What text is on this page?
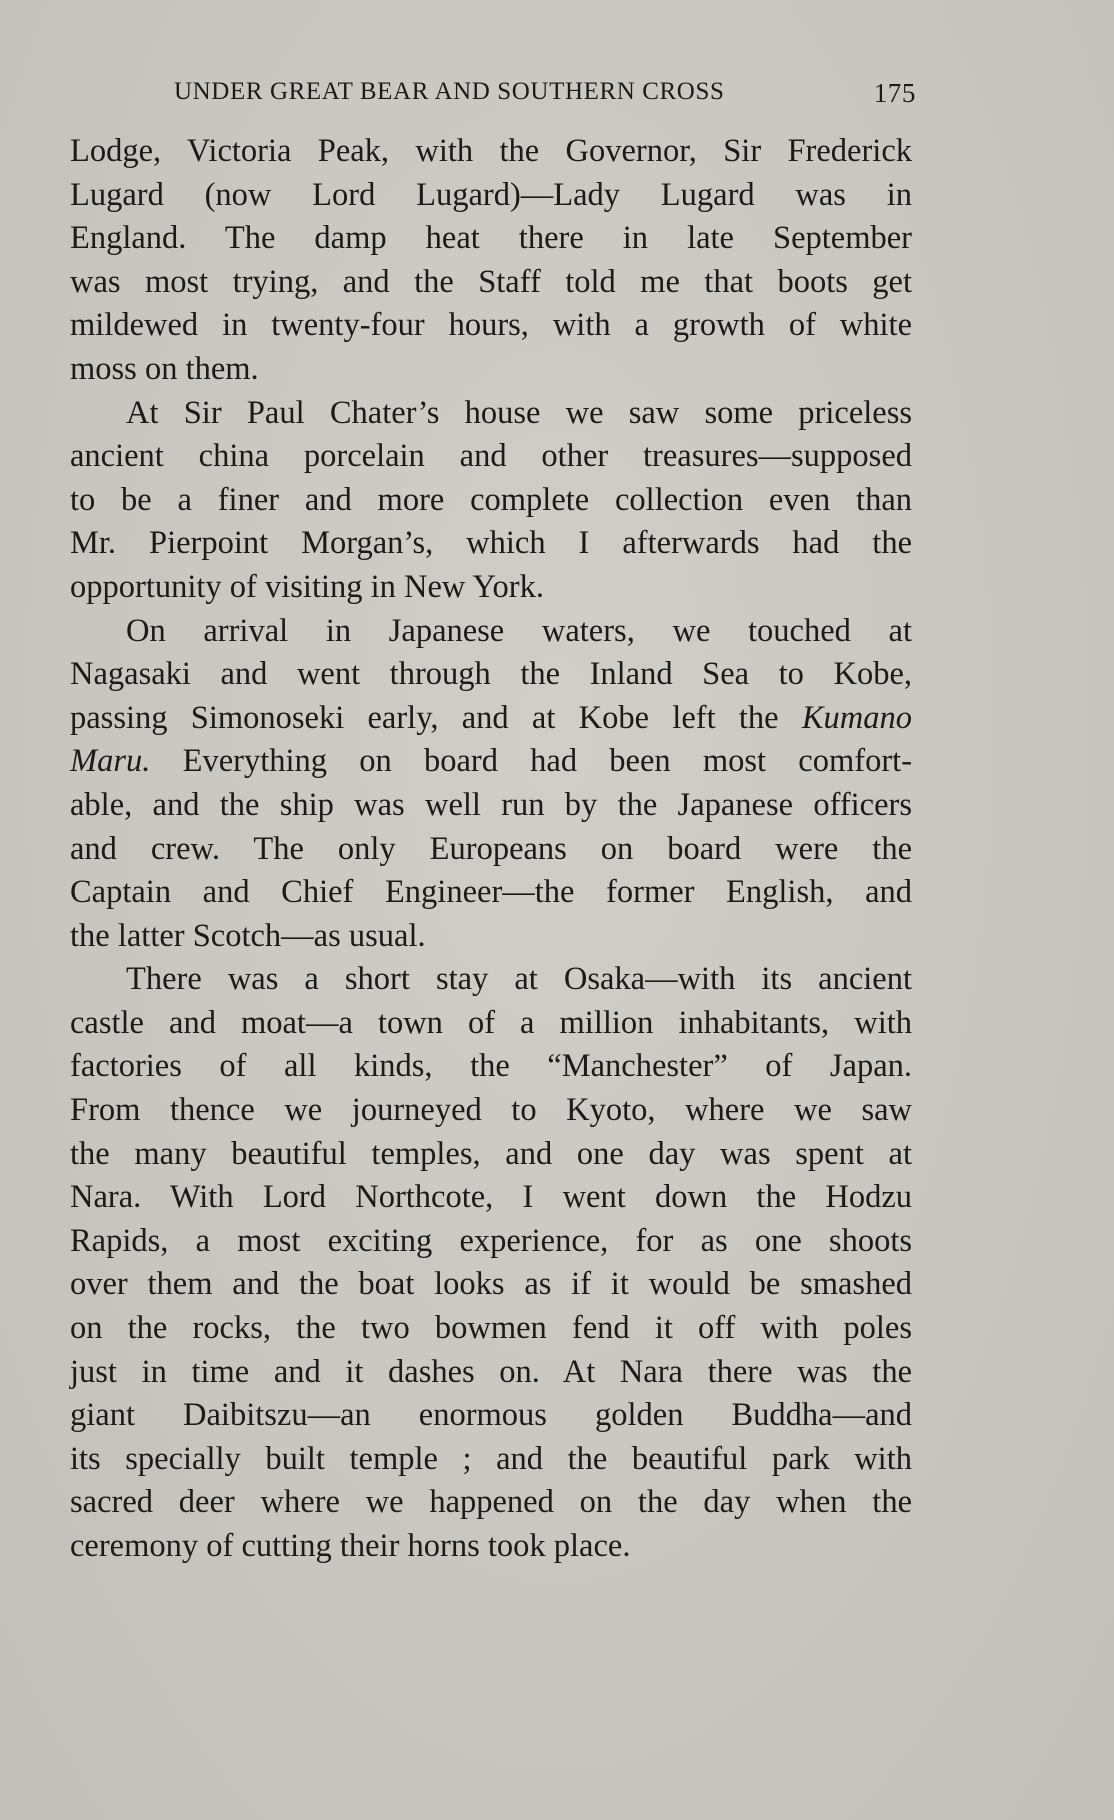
UNDER GREAT BEAR AND SOUTHERN CROSS	175
Lodge, Victoria Peak, with the Governor, Sir Frederick
Lugard (now Lord Lugard)—Lady Lugard was in
England. The damp heat there in late September
was most trying, and the Staff told me that boots get
mildewed in twenty-four hours, with a growth of white
moss on them.
At Sir Paul Chater’s house we saw some priceless
ancient china porcelain and other treasures—supposed
to be a finer and more complete collection even than
Mr. Pierpoint Morgan’s, which I afterwards had the
opportunity of visiting in New York.
On arrival in Japanese waters, we touched at
Nagasaki and went through the Inland Sea to Kobe,
passing Simonoseki early, and at Kobe left the Kumano
Maru. Everything on board had been most comfort-
able, and the ship was well run by the Japanese officers
and crew. The only Europeans on board were the
Captain and Chief Engineer—the former English, and
the latter Scotch—as usual.
There was a short stay at Osaka—with its ancient
castle and moat—a town of a million inhabitants, with
factories of all kinds, the “Manchester” of Japan.
From thence we journeyed to Kyoto, where we saw
the many beautiful temples, and one day was spent at
Nara. With Lord Northcote, I went down the Hodzu
Rapids, a most exciting experience, for as one shoots
over them and the boat looks as if it would be smashed
on the rocks, the two bowmen fend it off with poles
just in time and it dashes on. At Nara there was the
giant Daibitszu—an enormous golden Buddha—and
its specially built temple ; and the beautiful park with
sacred deer where we happened on the day when the
ceremony of cutting their horns took place.
